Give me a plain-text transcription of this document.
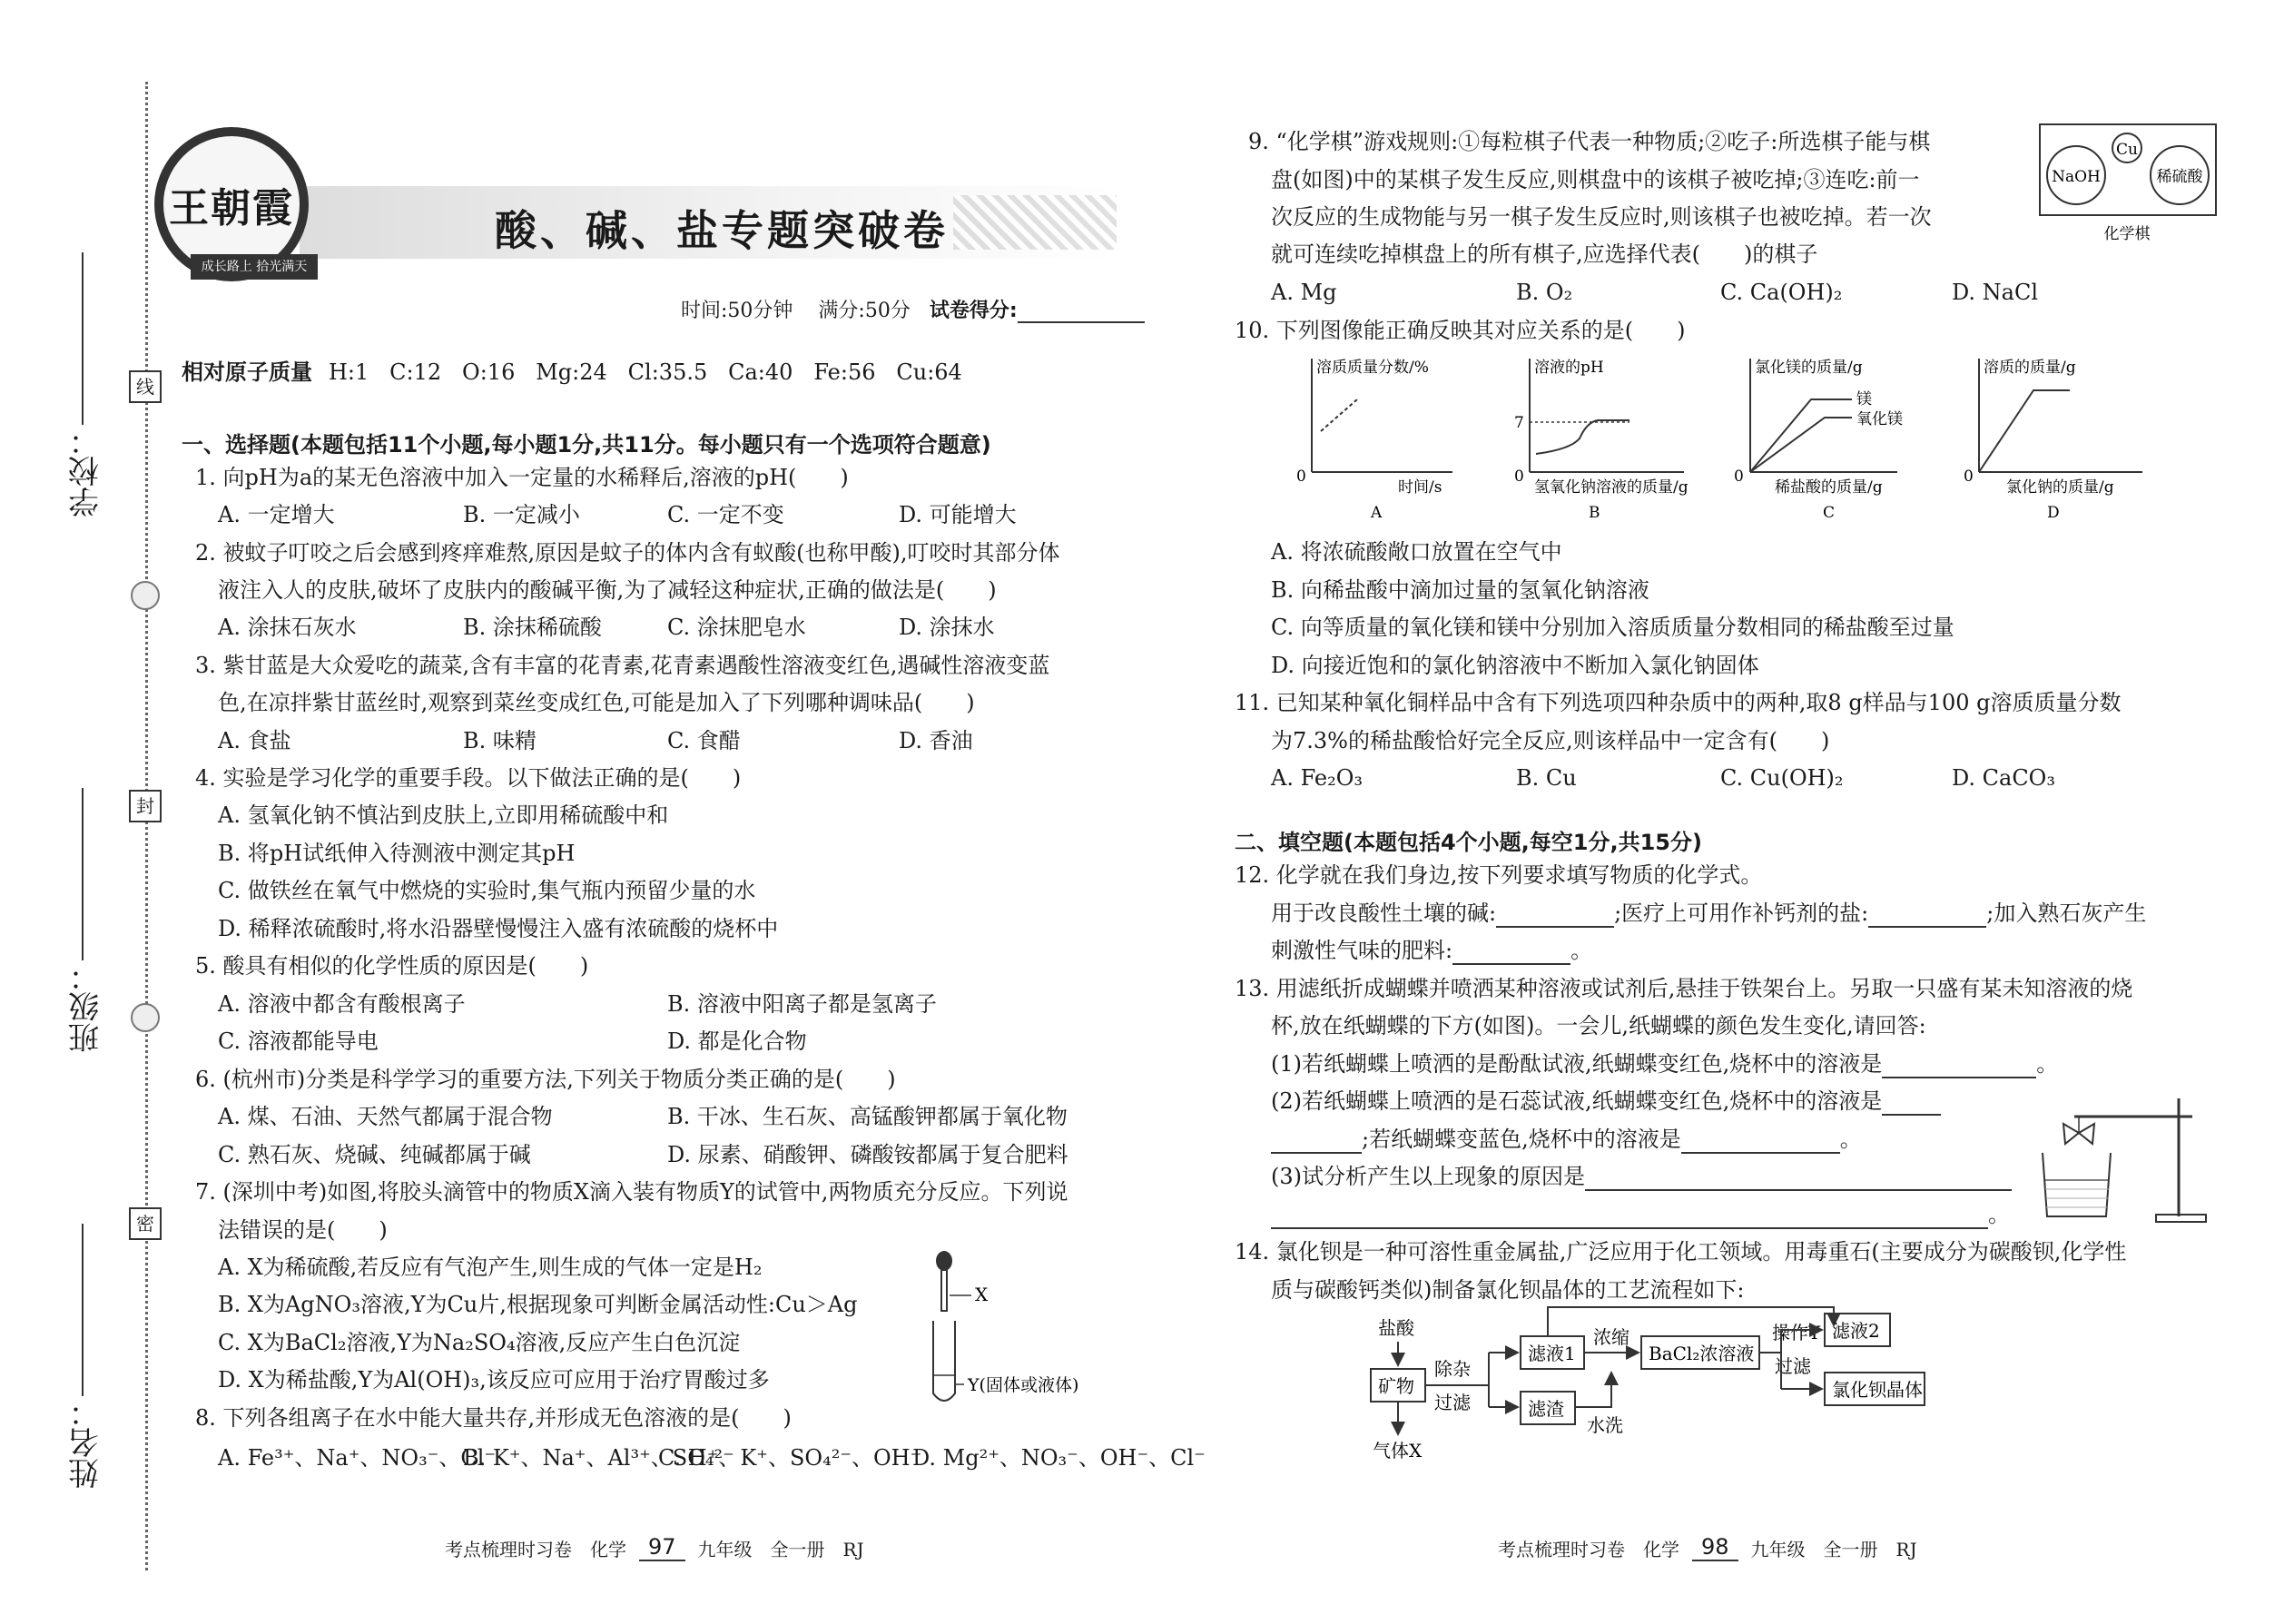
学校：
班级：
姓名：
线
封
密
王朝霞
成长路上 拾光满天
酸、碱、盐专题突破卷
时间:50分钟 满分:50分 试卷得分:
相对原子质量 H:1   C:12   O:16   Mg:24   Cl:35.5   Ca:40   Fe:56   Cu:64
一、选择题(本题包括11个小题,每小题1分,共11分。每小题只有一个选项符合题意)
1. 向pH为a的某无色溶液中加入一定量的水稀释后,溶液的pH(　　)
A. 一定增大	B. 一定减小	C. 一定不变	D. 可能增大
2. 被蚊子叮咬之后会感到疼痒难熬,原因是蚊子的体内含有蚁酸(也称甲酸),叮咬时其部分体
液注入人的皮肤,破坏了皮肤内的酸碱平衡,为了减轻这种症状,正确的做法是(　　)
A. 涂抹石灰水	B. 涂抹稀硫酸	C. 涂抹肥皂水	D. 涂抹水
3. 紫甘蓝是大众爱吃的蔬菜,含有丰富的花青素,花青素遇酸性溶液变红色,遇碱性溶液变蓝
色,在凉拌紫甘蓝丝时,观察到菜丝变成红色,可能是加入了下列哪种调味品(　　)
A. 食盐	B. 味精	C. 食醋	D. 香油
4. 实验是学习化学的重要手段。以下做法正确的是(　　)
A. 氢氧化钠不慎沾到皮肤上,立即用稀硫酸中和
B. 将pH试纸伸入待测液中测定其pH
C. 做铁丝在氧气中燃烧的实验时,集气瓶内预留少量的水
D. 稀释浓硫酸时,将水沿器壁慢慢注入盛有浓硫酸的烧杯中
5. 酸具有相似的化学性质的原因是(　　)
A. 溶液中都含有酸根离子	B. 溶液中阳离子都是氢离子
C. 溶液都能导电	D. 都是化合物
6. (杭州市)分类是科学学习的重要方法,下列关于物质分类正确的是(　　)
A. 煤、石油、天然气都属于混合物	B. 干冰、生石灰、高锰酸钾都属于氧化物
C. 熟石灰、烧碱、纯碱都属于碱	D. 尿素、硝酸钾、磷酸铵都属于复合肥料
7. (深圳中考)如图,将胶头滴管中的物质X滴入装有物质Y的试管中,两物质充分反应。下列说
法错误的是(　　)
A. X为稀硫酸,若反应有气泡产生,则生成的气体一定是H₂
B. X为AgNO₃溶液,Y为Cu片,根据现象可判断金属活动性:Cu＞Ag
C. X为BaCl₂溶液,Y为Na₂SO₄溶液,反应产生白色沉淀
D. X为稀盐酸,Y为Al(OH)₃,该反应可应用于治疗胃酸过多
X
Y(固体或液体)
8. 下列各组离子在水中能大量共存,并形成无色溶液的是(　　)
A. Fe³⁺、Na⁺、NO₃⁻、Cl⁻
B. K⁺、Na⁺、Al³⁺、SO₄²⁻
C. H⁺、K⁺、SO₄²⁻、OH⁻
D. Mg²⁺、NO₃⁻、OH⁻、Cl⁻
考点梳理时习卷　化学	97	九年级　全一册　RJ
9. “化学棋”游戏规则:①每粒棋子代表一种物质;②吃子:所选棋子能与棋
盘(如图)中的某棋子发生反应,则棋盘中的该棋子被吃掉;③连吃:前一
次反应的生成物能与另一棋子发生反应时,则该棋子也被吃掉。若一次
就可连续吃掉棋盘上的所有棋子,应选择代表(　　)的棋子
A. Mg	B. O₂	C. Ca(OH)₂	D. NaCl
Cu
NaOH	稀硫酸
化学棋
10. 下列图像能正确反映其对应关系的是(　　)
溶质质量分数/%
时间/s
0
A
溶液的pH
7
0
氢氧化钠溶液的质量/g
B
氯化镁的质量/g
镁
氧化镁
0
稀盐酸的质量/g
C
溶质的质量/g
0
氯化钠的质量/g
D
A. 将浓硫酸敞口放置在空气中
B. 向稀盐酸中滴加过量的氢氧化钠溶液
C. 向等质量的氧化镁和镁中分别加入溶质质量分数相同的稀盐酸至过量
D. 向接近饱和的氯化钠溶液中不断加入氯化钠固体
11. 已知某种氧化铜样品中含有下列选项四种杂质中的两种,取8 g样品与100 g溶质质量分数
为7.3%的稀盐酸恰好完全反应,则该样品中一定含有(　　)
A. Fe₂O₃	B. Cu	C. Cu(OH)₂	D. CaCO₃
二、填空题(本题包括4个小题,每空1分,共15分)
12. 化学就在我们身边,按下列要求填写物质的化学式。
用于改良酸性土壤的碱:	;医疗上可用作补钙剂的盐:	;加入熟石灰产生
刺激性气味的肥料:	。
13. 用滤纸折成蝴蝶并喷洒某种溶液或试剂后,悬挂于铁架台上。另取一只盛有某未知溶液的烧
杯,放在纸蝴蝶的下方(如图)。一会儿,纸蝴蝶的颜色发生变化,请回答:
(1)若纸蝴蝶上喷洒的是酚酞试液,纸蝴蝶变红色,烧杯中的溶液是	。
(2)若纸蝴蝶上喷洒的是石蕊试液,纸蝴蝶变红色,烧杯中的溶液是
;若纸蝴蝶变蓝色,烧杯中的溶液是	。
(3)试分析产生以上现象的原因是
。
14. 氯化钡是一种可溶性重金属盐,广泛应用于化工领域。用毒重石(主要成分为碳酸钡,化学性
质与碳酸钙类似)制备氯化钡晶体的工艺流程如下:
盐酸
矿物
气体X
除杂
过滤
滤液1
滤渣
水洗
浓缩
BaCl₂浓溶液
操作Y
过滤
滤液2
氯化钡晶体
考点梳理时习卷　化学	98	九年级　全一册　RJ
